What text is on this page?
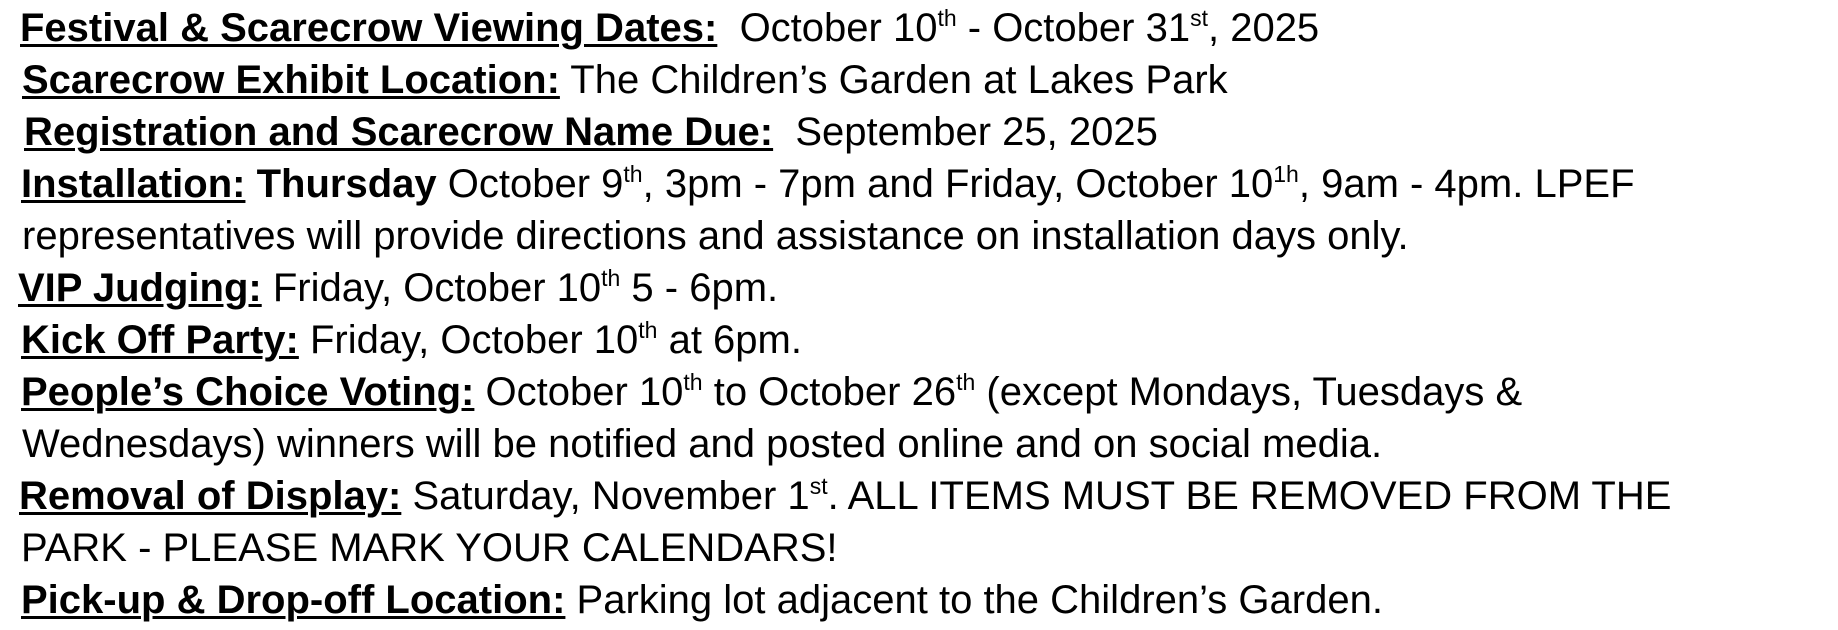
Festival & Scarecrow Viewing Dates: October 10th - October 31st, 2025

Scarecrow Exhibit Location: The Children’s Garden at Lakes Park

Registration and Scarecrow Name Due: September 25, 2025

Installation: Thursday October 9th, 3pm - 7pm and Friday, October $10^{1h}$, 9am - 4pm. LPEF

representatives will provide directions and assistance on installation days only.

VIP Judging: Friday, October 10th 5 - 6pm.

Kick Off Party: Friday, October 10th at 6pm.

People’s Choice Voting: October 10th to October 26th (except Mondays, Tuesdays &

Wednesdays) winners will be notified and posted online and on social media.

Removal of Display: Saturday, November 1st. ALL ITEMS MUST BE REMOVED FROM THE

PARK - PLEASE MARK YOUR CALENDARS!

Pick-up & Drop-off Location: Parking lot adjacent to the Children’s Garden.
